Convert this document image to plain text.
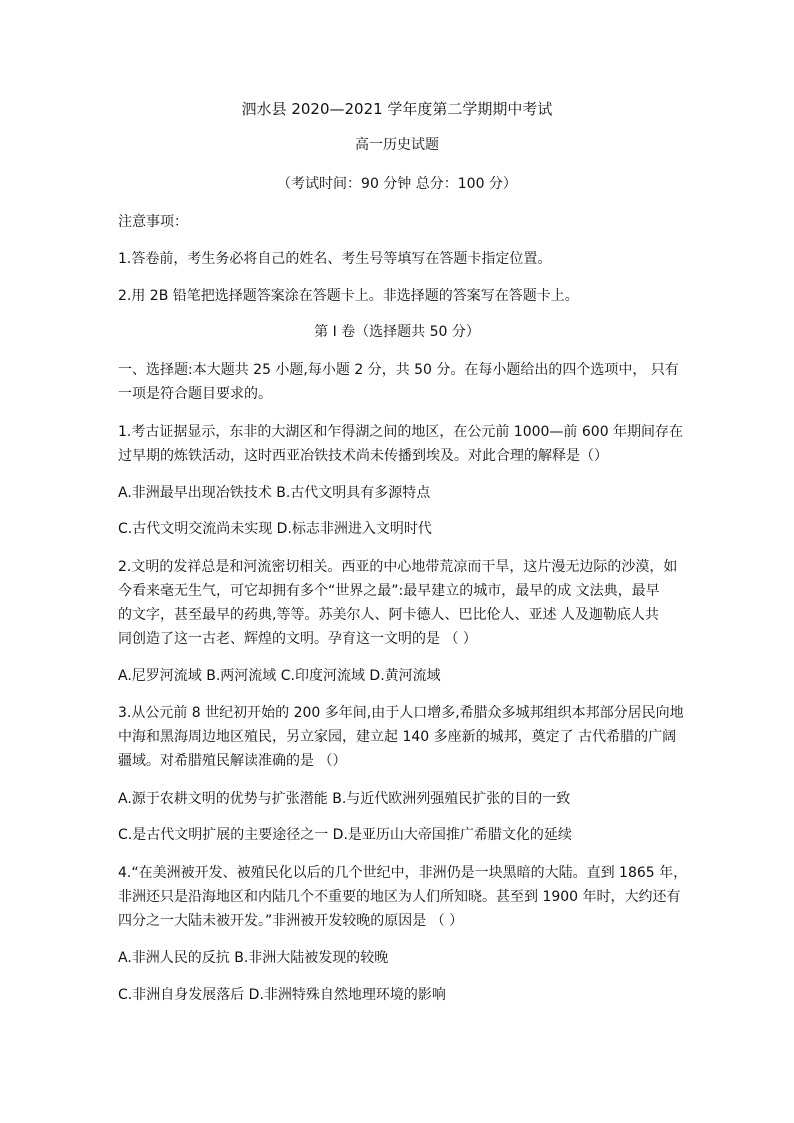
泗水县 2020—2021 学年度第二学期期中考试
高一历史试题
（考试时间：90 分钟 总分：100 分）
注意事项：
1.答卷前，考生务必将自己的姓名、考生号等填写在答题卡指定位置。
2.用 2B 铅笔把选择题答案涂在答题卡上。非选择题的答案写在答题卡上。
第 I 卷（选择题共 50 分）
一、选择题:本大题共 25 小题,每小题 2 分，共 50 分。在每小题给出的四个选项中， 只有
一项是符合题目要求的。
1.考古证据显示，东非的大湖区和乍得湖之间的地区，在公元前 1000—前 600 年期间存在
过早期的炼铁活动，这时西亚冶铁技术尚未传播到埃及。对此合理的解释是（）
A.非洲最早出现冶铁技术 B.古代文明具有多源特点
C.古代文明交流尚未实现 D.标志非洲进入文明时代
2.文明的发祥总是和河流密切相关。西亚的中心地带荒凉而干旱，这片漫无边际的沙漠，如
今看来毫无生气，可它却拥有多个“世界之最”:最早建立的城市，最早的成 文法典，最早
的文字，甚至最早的药典,等等。苏美尔人、阿卡德人、巴比伦人、亚述 人及迦勒底人共
同创造了这一古老、辉煌的文明。孕育这一文明的是 （ ）
A.尼罗河流域 B.两河流域 C.印度河流域 D.黄河流域
3.从公元前 8 世纪初开始的 200 多年间,由于人口增多,希腊众多城邦组织本邦部分居民向地
中海和黑海周边地区殖民，另立家园，建立起 140 多座新的城邦，奠定了 古代希腊的广阔
疆域。对希腊殖民解读准确的是 （）
A.源于农耕文明的优势与扩张潜能 B.与近代欧洲列强殖民扩张的目的一致
C.是古代文明扩展的主要途径之一 D.是亚历山大帝国推广希腊文化的延续
4.“在美洲被开发、被殖民化以后的几个世纪中，非洲仍是一块黑暗的大陆。直到 1865 年，
非洲还只是沿海地区和内陆几个不重要的地区为人们所知晓。甚至到 1900 年时，大约还有
四分之一大陆未被开发。”非洲被开发较晚的原因是 （ ）
A.非洲人民的反抗 B.非洲大陆被发现的较晚
C.非洲自身发展落后 D.非洲特殊自然地理环境的影响
